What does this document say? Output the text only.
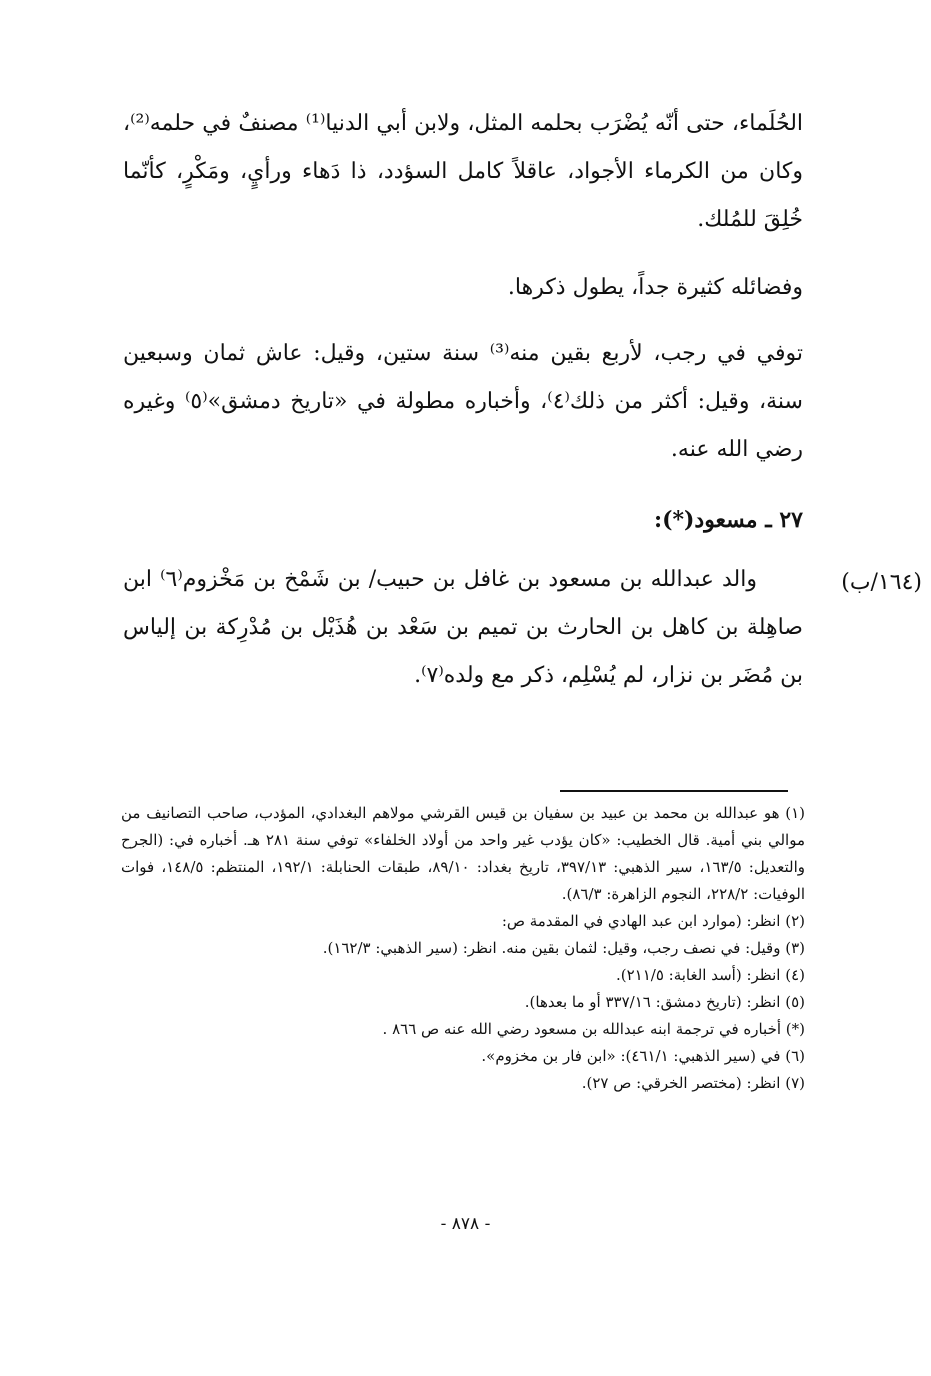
الحُلَماء، حتى أنّه يُضْرَب بحلمه المثل، ولابن أبي الدنيا⁽¹⁾ مصنفٌ في حلمه⁽²⁾، وكان من الكرماء الأجواد، عاقلاً كامل السؤدد، ذا دَهاء ورأيٍ، ومَكْرٍ، كأنّما خُلِقَ للمُلك.
وفضائله كثيرة جداً، يطول ذكرها.
توفي في رجب، لأربع بقين منه⁽³⁾ سنة ستين، وقيل: عاش ثمان وسبعين سنة، وقيل: أكثر من ذلك⁽٤⁾، وأخباره مطولة في «تاريخ دمشق»⁽٥⁾ وغيره رضي الله عنه.
٢٧ ـ مسعود(*):
(١٦٤/ب)
والد عبدالله بن مسعود بن غافل بن حبيب/ بن شَمْخ بن مَخْزوم⁽٦⁾ ابن صاهِلة بن كاهل بن الحارث بن تميم بن سَعْد بن هُذَيْل بن مُدْرِكة بن إلياس بن مُضَر بن نزار، لم يُسْلِم، ذكر مع ولده⁽٧⁾.
(١) هو عبدالله بن محمد بن عبيد بن سفيان بن قيس القرشي مولاهم البغدادي، المؤدب، صاحب التصانيف من موالي بني أمية. قال الخطيب: «كان يؤدب غير واحد من أولاد الخلفاء» توفي سنة ٢٨١ هـ. أخباره في: (الجرح والتعديل: ١٦٣/٥، سير الذهبي: ٣٩٧/١٣، تاريخ بغداد: ٨٩/١٠، طبقات الحنابلة: ١٩٢/١، المنتظم: ١٤٨/٥، فوات الوفيات: ٢٢٨/٢، النجوم الزاهرة: ٨٦/٣).
(٢) انظر: (موارد ابن عبد الهادي في المقدمة ص:
(٣) وقيل: في نصف رجب، وقيل: لثمان بقين منه. انظر: (سير الذهبي: ١٦٢/٣).
(٤) انظر: (أسد الغابة: ٢١١/٥).
(٥) انظر: (تاريخ دمشق: ٣٣٧/١٦ أو ما بعدها).
(*) أخباره في ترجمة ابنه عبدالله بن مسعود رضي الله عنه ص ٨٦٦ .
(٦) في (سير الذهبي: ٤٦١/١): «ابن فار بن مخزوم».
(٧) انظر: (مختصر الخرقي: ص ٢٧).
- ٨٧٨ -
